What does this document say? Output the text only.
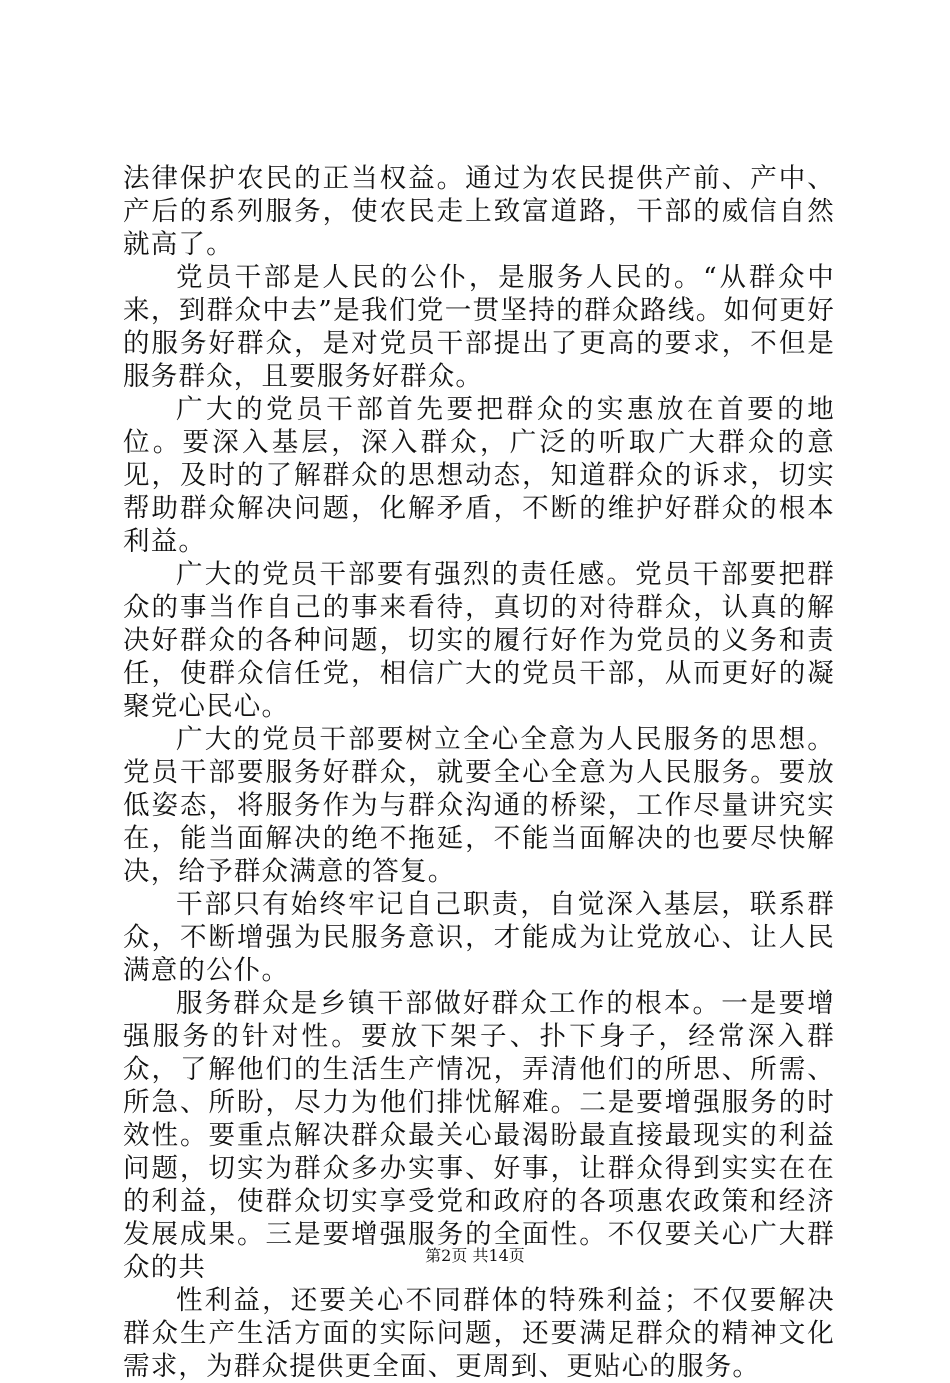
法律保护农民的正当权益。通过为农民提供产前、产中、产后的系列服务，使农民走上致富道路，干部的威信自然就高了。

党员干部是人民的公仆，是服务人民的。“从群众中来，到群众中去”是我们党一贯坚持的群众路线。如何更好的服务好群众，是对党员干部提出了更高的要求，不但是服务群众，且要服务好群众。

广大的党员干部首先要把群众的实惠放在首要的地位。要深入基层，深入群众，广泛的听取广大群众的意见，及时的了解群众的思想动态，知道群众的诉求，切实帮助群众解决问题，化解矛盾，不断的维护好群众的根本利益。

广大的党员干部要有强烈的责任感。党员干部要把群众的事当作自己的事来看待，真切的对待群众，认真的解决好群众的各种问题，切实的履行好作为党员的义务和责任，使群众信任党，相信广大的党员干部，从而更好的凝聚党心民心。

广大的党员干部要树立全心全意为人民服务的思想。党员干部要服务好群众，就要全心全意为人民服务。要放低姿态，将服务作为与群众沟通的桥梁，工作尽量讲究实在，能当面解决的绝不拖延，不能当面解决的也要尽快解决，给予群众满意的答复。

干部只有始终牢记自己职责，自觉深入基层，联系群众，不断增强为民服务意识，才能成为让党放心、让人民满意的公仆。

服务群众是乡镇干部做好群众工作的根本。一是要增强服务的针对性。要放下架子、扑下身子，经常深入群众，了解他们的生活生产情况，弄清他们的所思、所需、所急、所盼，尽力为他们排忧解难。二是要增强服务的时效性。要重点解决群众最关心最渴盼最直接最现实的利益问题，切实为群众多办实事、好事，让群众得到实实在在的利益，使群众切实享受党和政府的各项惠农政策和经济发展成果。三是要增强服务的全面性。不仅要关心广大群众的共

性利益，还要关心不同群体的特殊利益；不仅要解决群众生产生活方面的实际问题，还要满足群众的精神文化需求，为群众提供更全面、更周到、更贴心的服务。

第2页 共14页
